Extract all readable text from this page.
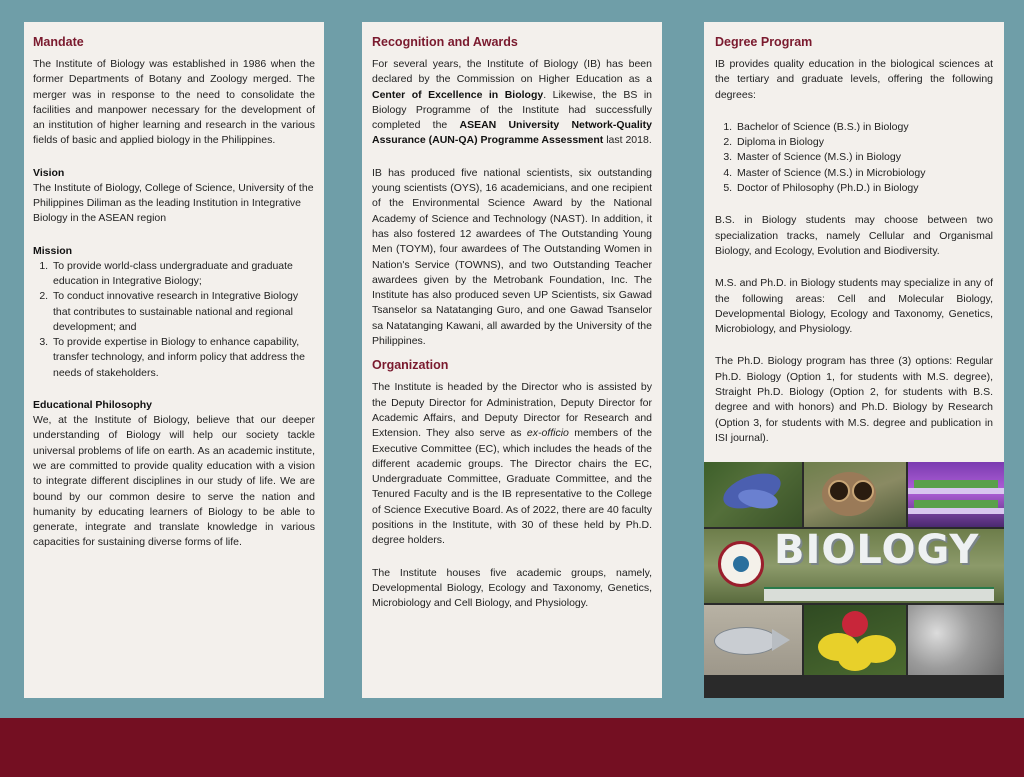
Mandate

The Institute of Biology was established in 1986 when the former Departments of Botany and Zoology merged. The merger was in response to the need to consolidate the facilities and manpower necessary for the development of an institution of higher learning and research in the various fields of basic and applied biology in the Philippines.

Vision

The Institute of Biology, College of Science, University of the Philippines Diliman as the leading Institution in Integrative Biology in the ASEAN region

Mission
1. To provide world-class undergraduate and graduate education in Integrative Biology;
2. To conduct innovative research in Integrative Biology that contributes to sustainable national and regional development; and
3. To provide expertise in Biology to enhance capability, transfer technology, and inform policy that address the needs of stakeholders.
Educational Philosophy

We, at the Institute of Biology, believe that our deeper understanding of Biology will help our society tackle universal problems of life on earth. As an academic institute, we are committed to provide quality education with a vision to integrate different disciplines in our study of life. We are bound by our common desire to serve the nation and humanity by educating learners of Biology to be able to generate, integrate and translate knowledge in various capacities for sustaining diverse forms of life.

Recognition and Awards

For several years, the Institute of Biology (IB) has been declared by the Commission on Higher Education as a Center of Excellence in Biology. Likewise, the BS in Biology Programme of the Institute had successfully completed the ASEAN University Network-Quality Assurance (AUN-QA) Programme Assessment last 2018.

IB has produced five national scientists, six outstanding young scientists (OYS), 16 academicians, and one recipient of the Environmental Science Award by the National Academy of Science and Technology (NAST). In addition, it has also fostered 12 awardees of The Outstanding Young Men (TOYM), four awardees of The Outstanding Women in Nation's Service (TOWNS), and two Outstanding Teacher awardees given by the Metrobank Foundation, Inc. The Institute has also produced seven UP Scientists, six Gawad Tsanselor sa Natatanging Guro, and one Gawad Tsanselor sa Natatanging Kawani, all awarded by the University of the Philippines.

Organization

The Institute is headed by the Director who is assisted by the Deputy Director for Administration, Deputy Director for Academic Affairs, and Deputy Director for Research and Extension. They also serve as ex-officio members of the Executive Committee (EC), which includes the heads of the different academic groups. The Director chairs the EC, Undergraduate Committee, Graduate Committee, and the Tenured Faculty and is the IB representative to the College of Science Executive Board. As of 2022, there are 40 faculty positions in the Institute, with 30 of these held by Ph.D. degree holders.

The Institute houses five academic groups, namely, Developmental Biology, Ecology and Taxonomy, Genetics, Microbiology and Cell Biology, and Physiology.

Degree Program

IB provides quality education in the biological sciences at the tertiary and graduate levels, offering the following degrees:

1. Bachelor of Science (B.S.) in Biology
2. Diploma in Biology
3. Master of Science (M.S.) in Biology
4. Master of Science (M.S.) in Microbiology
5. Doctor of Philosophy (Ph.D.) in Biology

B.S. in Biology students may choose between two specialization tracks, namely Cellular and Organismal Biology, and Ecology, Evolution and Biodiversity.

M.S. and Ph.D. in Biology students may specialize in any of the following areas: Cell and Molecular Biology, Developmental Biology, Ecology and Taxonomy, Genetics, Microbiology, and Physiology.

The Ph.D. Biology program has three (3) options: Regular Ph.D. Biology (Option 1, for students with M.S. degree), Straight Ph.D. Biology (Option 2, for students with B.S. degree and with honors) and Ph.D. Biology by Research (Option 3, for students with M.S. degree and publication in ISI journal).

BIOLOGY
